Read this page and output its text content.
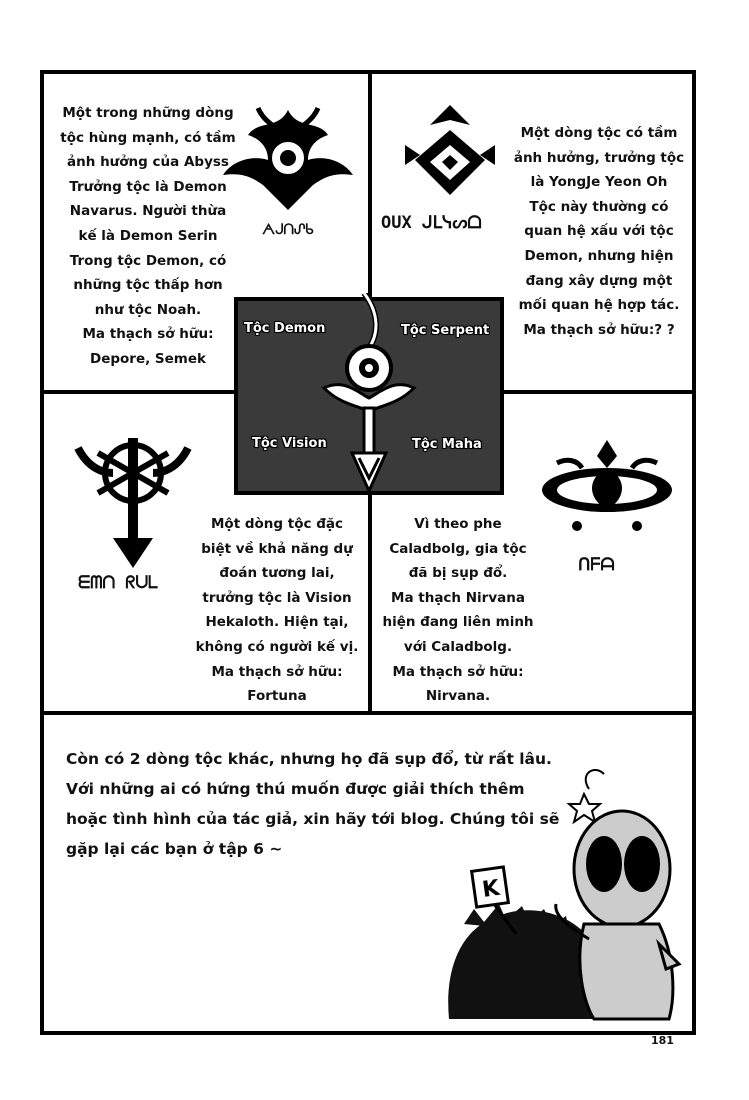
Một trong những dòng
tộc hùng mạnh, có tầm
ảnh hưởng của Abyss
Trưởng tộc là Demon
Navarus. Người thừa
kế là Demon Serin
Trong tộc Demon, có
những tộc thấp hơn
như tộc Noah.
Ma thạch sở hữu:
Depore, Semek
ᗅᒍᑎᔑᑲ	OUX ᒍᒪᓭᔕᗝ
Một dòng tộc có tầm
ảnh hưởng, trưởng tộc
là YongJe Yeon Oh
Tộc này thường có
quan hệ xấu với tộc
Demon, nhưng hiện
đang xây dựng một
mối quan hệ hợp tác.
Ma thạch sở hữu:? ?
ᗴᗰᑎ ᖇᑌᒪ
Một dòng tộc đặc
biệt về khả năng dự
đoán tương lai,
trưởng tộc là Vision
Hekaloth. Hiện tại,
không có người kế vị.
Ma thạch sở hữu:
Fortuna
Vì theo phe
Caladbolg, gia tộc
đã bị sụp đổ.
Ma thạch Nirvana
hiện đang liên minh
với Caladbolg.
Ma thạch sở hữu:
Nirvana.
ᑎᖴᗩ
Tộc Demon	Tộc Serpent
Tộc Vision	Tộc Maha
Còn có 2 dòng tộc khác, nhưng họ đã sụp đổ, từ rất lâu.
Với những ai có hứng thú muốn được giải thích thêm
hoặc tình hình của tác giả, xin hãy tới blog. Chúng tôi sẽ
gặp lại các bạn ở tập 6 ~
K
181
